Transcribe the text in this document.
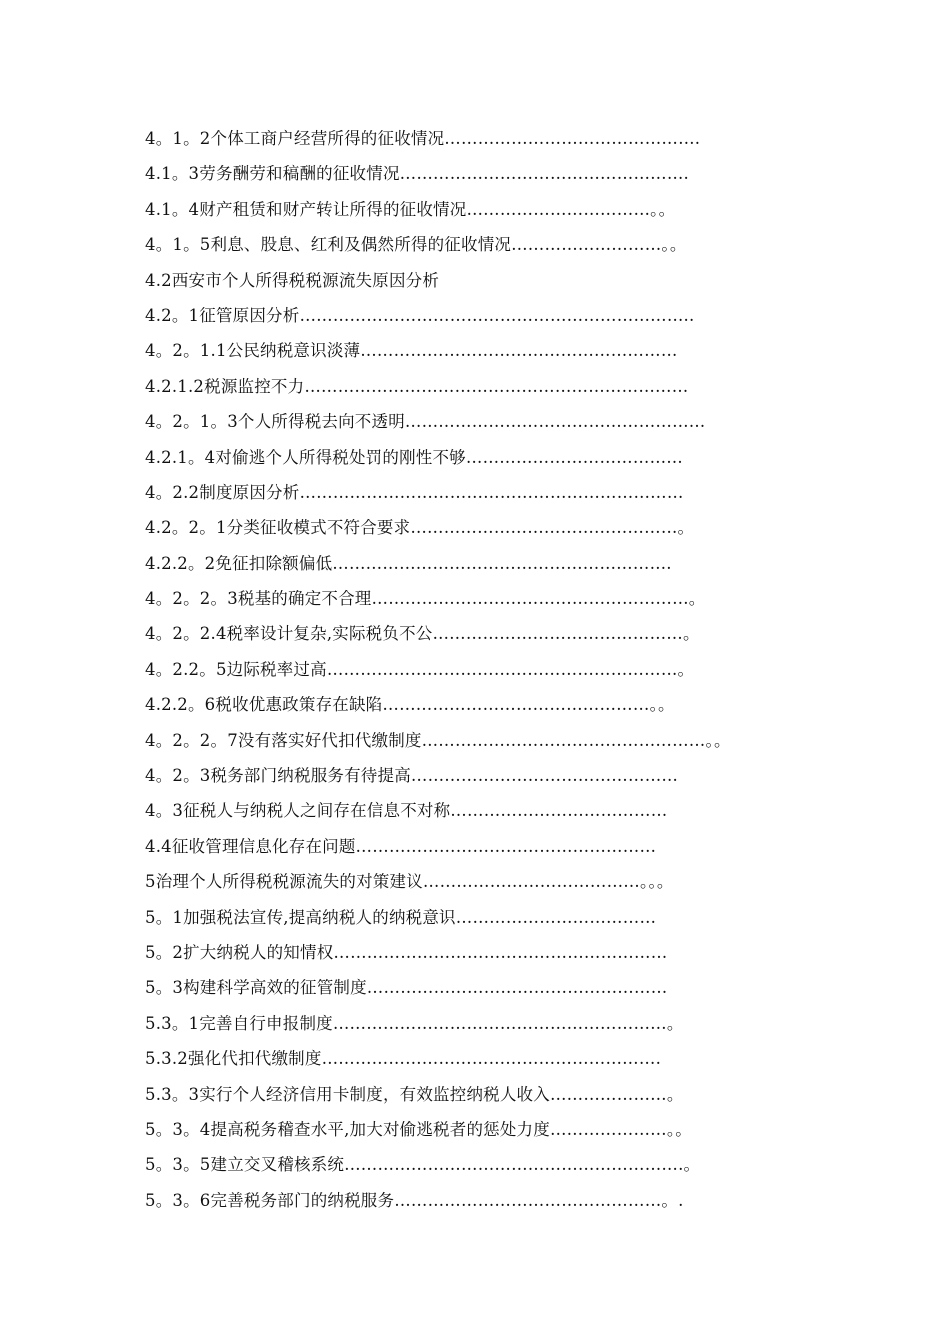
4。1。2个体工商户经营所得的征收情况……………………………………….
4.1。3劳务酬劳和稿酬的征收情况…………………………………………….
4.1。4财产租赁和财产转让所得的征收情况……………………………。。
4。1。5利息、股息、红利及偶然所得的征收情况………………………。。
4.2西安市个人所得税税源流失原因分析
4.2。1征管原因分析……………………………………………………………..
4。2。1.1公民纳税意识淡薄…………………………………………………
4.2.1.2税源监控不力……………………………………………………………
4。2。1。3个人所得税去向不透明………………………………………………
4.2.1。4对偷逃个人所得税处罚的刚性不够…………………………………
4。2.2制度原因分析……………………………………………………………
4.2。2。1分类征收模式不符合要求…………………………………………。
4.2.2。2免征扣除额偏低…………………………………………………….
4。2。2。3税基的确定不合理…………………………………………………。
4。2。2.4税率设计复杂,实际税负不公………………………………………。
4。2.2。5边际税率过高………………………………………………………。
4.2.2。6税收优惠政策存在缺陷…………………………………………。。
4。2。2。7没有落实好代扣代缴制度……………………………………………。。
4。2。3税务部门纳税服务有待提高…………………………………………
4。3征税人与纳税人之间存在信息不对称…………………………………
4.4征收管理信息化存在问题………………………………………………
5治理个人所得税税源流失的对策建议…………………………………。。。
5。1加强税法宣传,提高纳税人的纳税意识………………………………
5。2扩大纳税人的知情权……………………………………………………
5。3构建科学高效的征管制度………………………………………………
5.3。1完善自行申报制度……………………………………………………。
5.3.2强化代扣代缴制度…………………………………………………….
5.3。3实行个人经济信用卡制度，有效监控纳税人收入…………………。
5。3。4提高税务稽查水平,加大对偷逃税者的惩处力度…………………。。
5。3。5建立交叉稽核系统…………………………………………………….。
5。3。6完善税务部门的纳税服务…………………………………………。.
